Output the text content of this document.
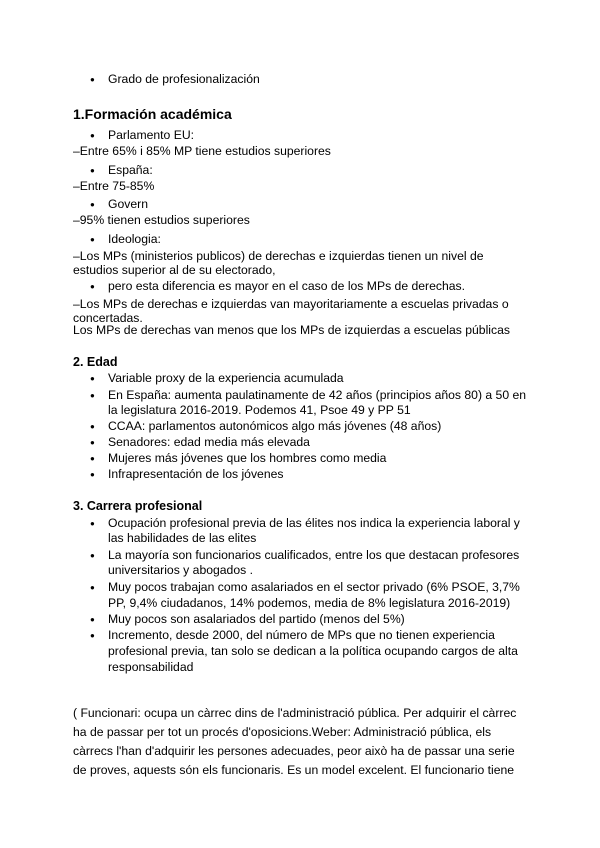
● Grado de profesionalización
1.Formación académica
● Parlamento EU:
–Entre 65% i 85% MP tiene estudios superiores
● España:
–Entre 75-85%
● Govern
–95% tienen estudios superiores
● Ideologia:
–Los MPs (ministerios publicos) de derechas e izquierdas tienen un nivel de
estudios superior al de su electorado,
● pero esta diferencia es mayor en el caso de los MPs de derechas.
–Los MPs de derechas e izquierdas van mayoritariamente a escuelas privadas o
concertadas.
Los MPs de derechas van menos que los MPs de izquierdas a escuelas públicas
2. Edad
● Variable proxy de la experiencia acumulada
● En España: aumenta paulatinamente de 42 años (principios años 80) a 50 en
la legislatura 2016-2019. Podemos 41, Psoe 49 y PP 51
● CCAA: parlamentos autonómicos algo más jóvenes (48 años)
● Senadores: edad media más elevada
● Mujeres más jóvenes que los hombres como media
● Infrapresentación de los jóvenes
3. Carrera profesional
● Ocupación profesional previa de las élites nos indica la experiencia laboral y
las habilidades de las elites
● La mayoría son funcionarios cualificados, entre los que destacan profesores
universitarios y abogados .
● Muy pocos trabajan como asalariados en el sector privado (6% PSOE, 3,7%
PP, 9,4% ciudadanos, 14% podemos, media de 8% legislatura 2016-2019)
● Muy pocos son asalariados del partido (menos del 5%)
● Incremento, desde 2000, del número de MPs que no tienen experiencia
profesional previa, tan solo se dedican a la política ocupando cargos de alta
responsabilidad
( Funcionari: ocupa un càrrec dins de l'administració pública. Per adquirir el càrrec
ha de passar per tot un procés d'oposicions.Weber: Administració pública, els
càrrecs l'han d'adquirir les persones adecuades, peor això ha de passar una serie
de proves, aquests són els funcionaris. Es un model excelent. El funcionario tiene
